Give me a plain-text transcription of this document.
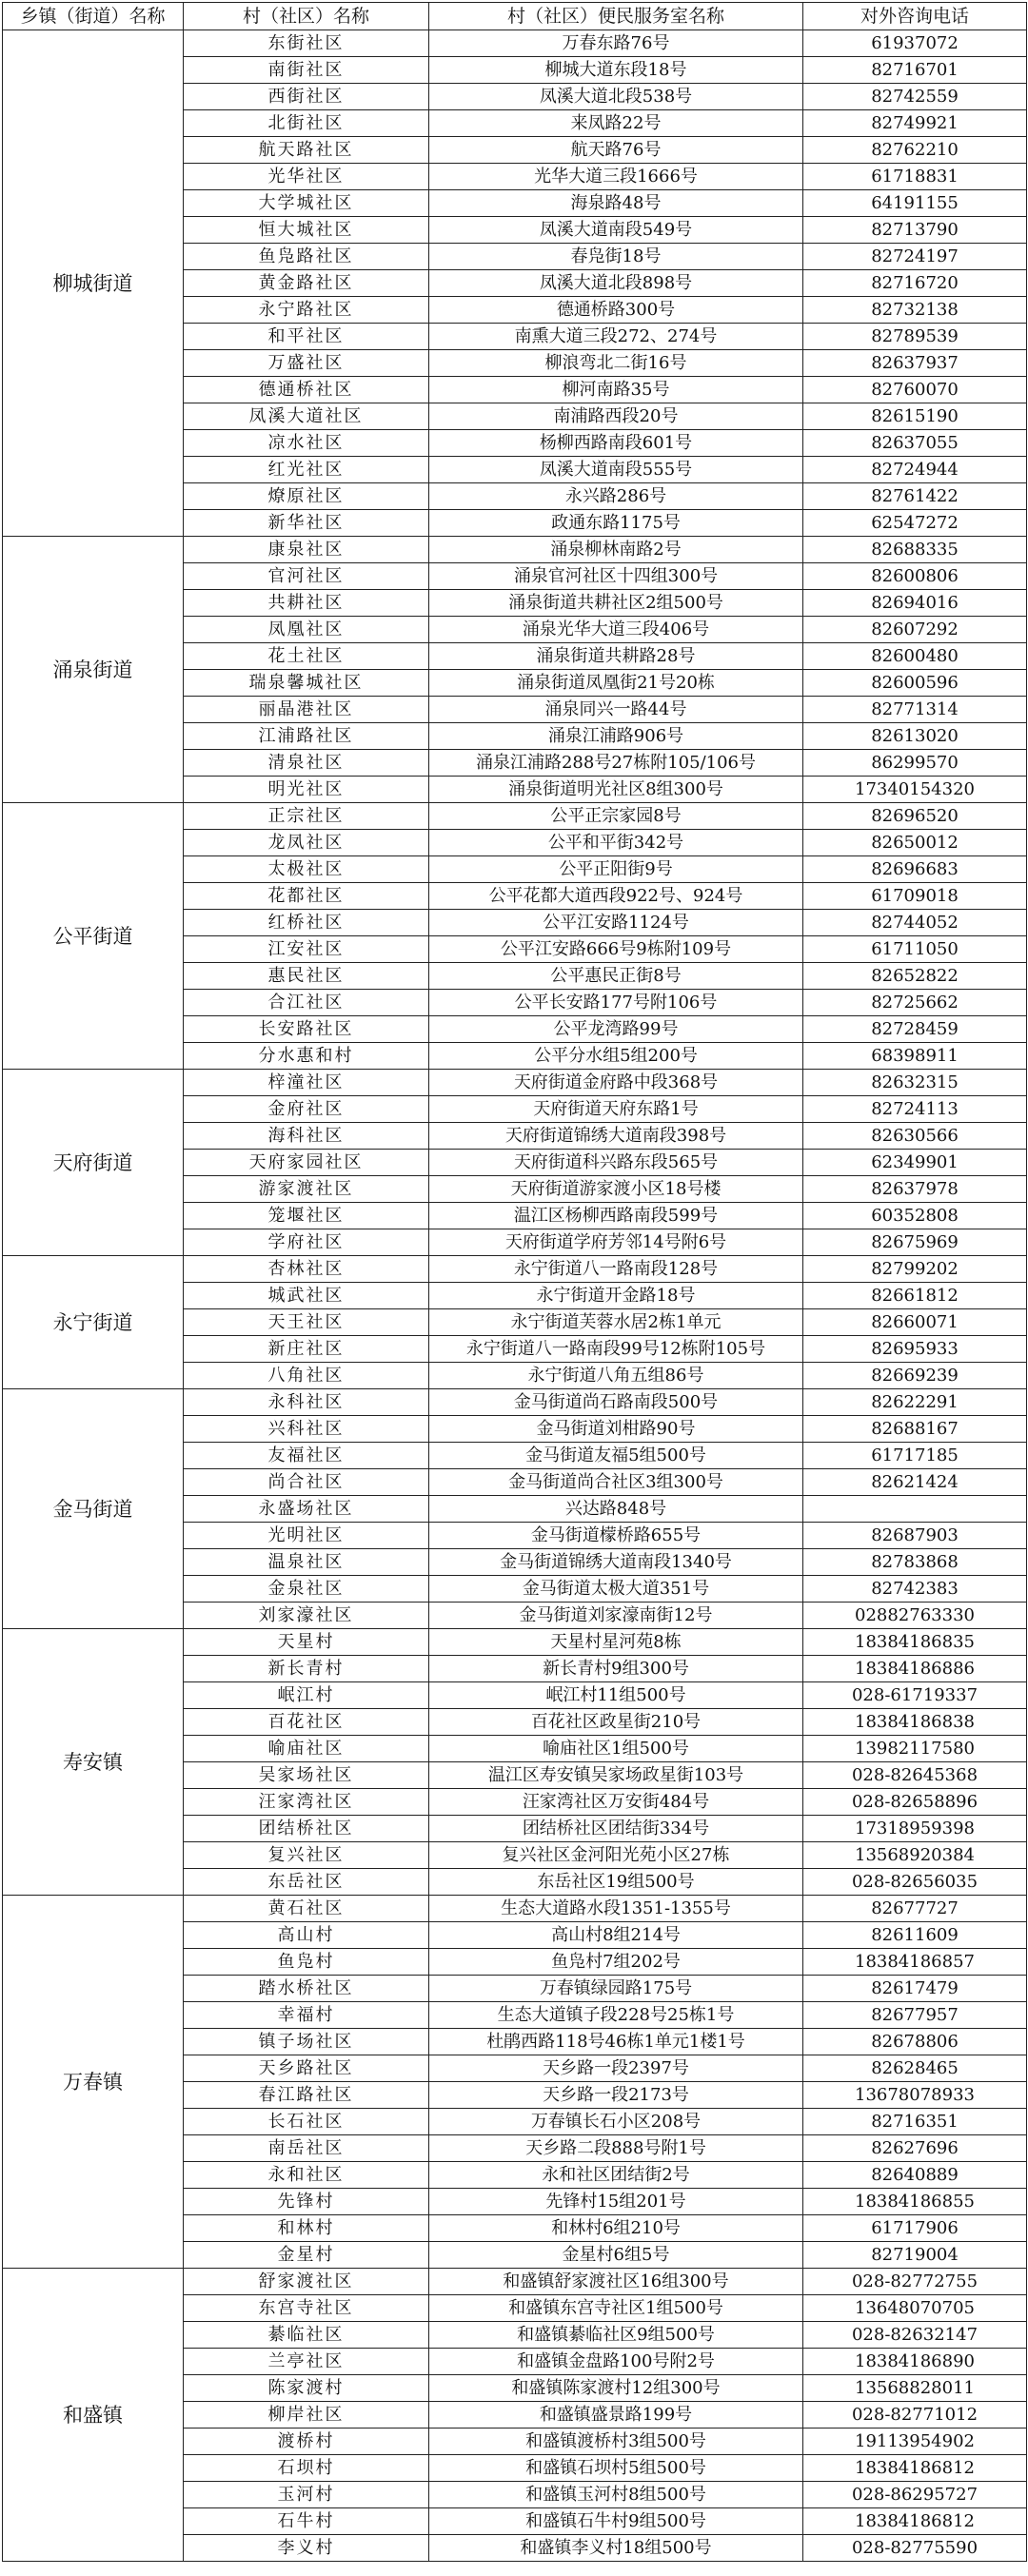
乡镇（街道）名称	村（社区）名称	村（社区）便民服务室名称	对外咨询电话
柳城街道	东街社区	万春东路76号	61937072
	南街社区	柳城大道东段18号	82716701
	西街社区	凤溪大道北段538号	82742559
	北街社区	来凤路22号	82749921
	航天路社区	航天路76号	82762210
	光华社区	光华大道三段1666号	61718831
	大学城社区	海泉路48号	64191155
	恒大城社区	凤溪大道南段549号	82713790
	鱼凫路社区	春凫街18号	82724197
	黄金路社区	凤溪大道北段898号	82716720
	永宁路社区	德通桥路300号	82732138
	和平社区	南熏大道三段272、274号	82789539
	万盛社区	柳浪弯北二街16号	82637937
	德通桥社区	柳河南路35号	82760070
	凤溪大道社区	南浦路西段20号	82615190
	凉水社区	杨柳西路南段601号	82637055
	红光社区	凤溪大道南段555号	82724944
	燎原社区	永兴路286号	82761422
	新华社区	政通东路1175号	62547272
涌泉街道	康泉社区	涌泉柳林南路2号	82688335
	官河社区	涌泉官河社区十四组300号	82600806
	共耕社区	涌泉街道共耕社区2组500号	82694016
	凤凰社区	涌泉光华大道三段406号	82607292
	花土社区	涌泉街道共耕路28号	82600480
	瑞泉馨城社区	涌泉街道凤凰街21号20栋	82600596
	丽晶港社区	涌泉同兴一路44号	82771314
	江浦路社区	涌泉江浦路906号	82613020
	清泉社区	涌泉江浦路288号27栋附105/106号	86299570
	明光社区	涌泉街道明光社区8组300号	17340154320
公平街道	正宗社区	公平正宗家园8号	82696520
	龙凤社区	公平和平街342号	82650012
	太极社区	公平正阳街9号	82696683
	花都社区	公平花都大道西段922号、924号	61709018
	红桥社区	公平江安路1124号	82744052
	江安社区	公平江安路666号9栋附109号	61711050
	惠民社区	公平惠民正街8号	82652822
	合江社区	公平长安路177号附106号	82725662
	长安路社区	公平龙湾路99号	82728459
	分水惠和村	公平分水组5组200号	68398911
天府街道	梓潼社区	天府街道金府路中段368号	82632315
	金府社区	天府街道天府东路1号	82724113
	海科社区	天府街道锦绣大道南段398号	82630566
	天府家园社区	天府街道科兴路东段565号	62349901
	游家渡社区	天府街道游家渡小区18号楼	82637978
	笼堰社区	温江区杨柳西路南段599号	60352808
	学府社区	天府街道学府芳邻14号附6号	82675969
永宁街道	杏林社区	永宁街道八一路南段128号	82799202
	城武社区	永宁街道开金路18号	82661812
	天王社区	永宁街道芙蓉水居2栋1单元	82660071
	新庄社区	永宁街道八一路南段99号12栋附105号	82695933
	八角社区	永宁街道八角五组86号	82669239
金马街道	永科社区	金马街道尚石路南段500号	82622291
	兴科社区	金马街道刘柑路90号	82688167
	友福社区	金马街道友福5组500号	61717185
	尚合社区	金马街道尚合社区3组300号	82621424
	永盛场社区	兴达路848号	
	光明社区	金马街道檬桥路655号	82687903
	温泉社区	金马街道锦绣大道南段1340号	82783868
	金泉社区	金马街道太极大道351号	82742383
	刘家濠社区	金马街道刘家濠南街12号	02882763330
寿安镇	天星村	天星村星河苑8栋	18384186835
	新长青村	新长青村9组300号	18384186886
	岷江村	岷江村11组500号	028-61719337
	百花社区	百花社区政星街210号	18384186838
	喻庙社区	喻庙社区1组500号	13982117580
	吴家场社区	温江区寿安镇吴家场政星街103号	028-82645368
	汪家湾社区	汪家湾社区万安街484号	028-82658896
	团结桥社区	团结桥社区团结街334号	17318959398
	复兴社区	复兴社区金河阳光苑小区27栋	13568920384
	东岳社区	东岳社区19组500号	028-82656035
万春镇	黄石社区	生态大道路水段1351-1355号	82677727
	高山村	高山村8组214号	82611609
	鱼凫村	鱼凫村7组202号	18384186857
	踏水桥社区	万春镇绿园路175号	82617479
	幸福村	生态大道镇子段228号25栋1号	82677957
	镇子场社区	杜鹃西路118号46栋1单元1楼1号	82678806
	天乡路社区	天乡路一段2397号	82628465
	春江路社区	天乡路一段2173号	13678078933
	长石社区	万春镇长石小区208号	82716351
	南岳社区	天乡路二段888号附1号	82627696
	永和社区	永和社区团结街2号	82640889
	先锋村	先锋村15组201号	18384186855
	和林村	和林村6组210号	61717906
	金星村	金星村6组5号	82719004
和盛镇	舒家渡社区	和盛镇舒家渡社区16组300号	028-82772755
	东宫寺社区	和盛镇东宫寺社区1组500号	13648070705
	綦临社区	和盛镇綦临社区9组500号	028-82632147
	兰亭社区	和盛镇金盘路100号附2号	18384186890
	陈家渡村	和盛镇陈家渡村12组300号	13568828011
	柳岸社区	和盛镇盛景路199号	028-82771012
	渡桥村	和盛镇渡桥村3组500号	19113954902
	石坝村	和盛镇石坝村5组500号	18384186812
	玉河村	和盛镇玉河村8组500号	028-86295727
	石牛村	和盛镇石牛村9组500号	18384186812
	李义村	和盛镇李义村18组500号	028-82775590
